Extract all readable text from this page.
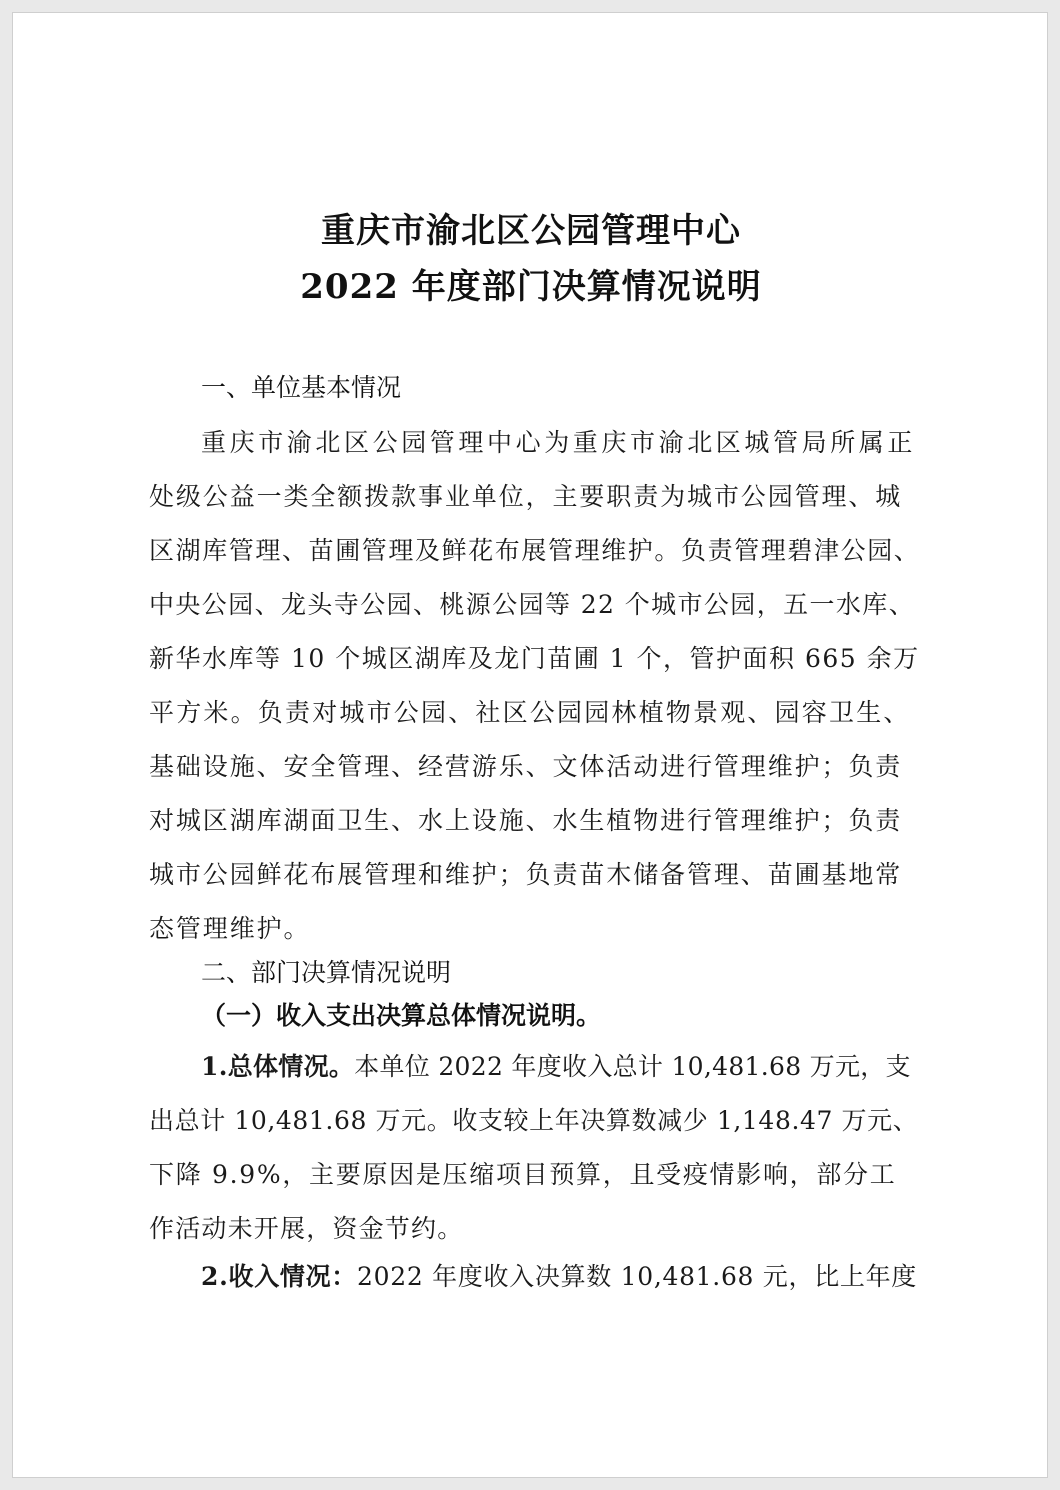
重庆市渝北区公园管理中心
2022 年度部门决算情况说明
一、单位基本情况
重庆市渝北区公园管理中心为重庆市渝北区城管局所属正
处级公益一类全额拨款事业单位，主要职责为城市公园管理、城
区湖库管理、苗圃管理及鲜花布展管理维护。负责管理碧津公园、
中央公园、龙头寺公园、桃源公园等 22 个城市公园，五一水库、
新华水库等 10 个城区湖库及龙门苗圃 1 个，管护面积 665 余万
平方米。负责对城市公园、社区公园园林植物景观、园容卫生、
基础设施、安全管理、经营游乐、文体活动进行管理维护；负责
对城区湖库湖面卫生、水上设施、水生植物进行管理维护；负责
城市公园鲜花布展管理和维护；负责苗木储备管理、苗圃基地常
态管理维护。
二、部门决算情况说明
（一）收入支出决算总体情况说明。
1.总体情况。本单位 2022 年度收入总计 10,481.68 万元，支
出总计 10,481.68 万元。收支较上年决算数减少 1,148.47 万元、
下降 9.9%，主要原因是压缩项目预算，且受疫情影响，部分工
作活动未开展，资金节约。
2.收入情况：2022 年度收入决算数 10,481.68 元，比上年度
